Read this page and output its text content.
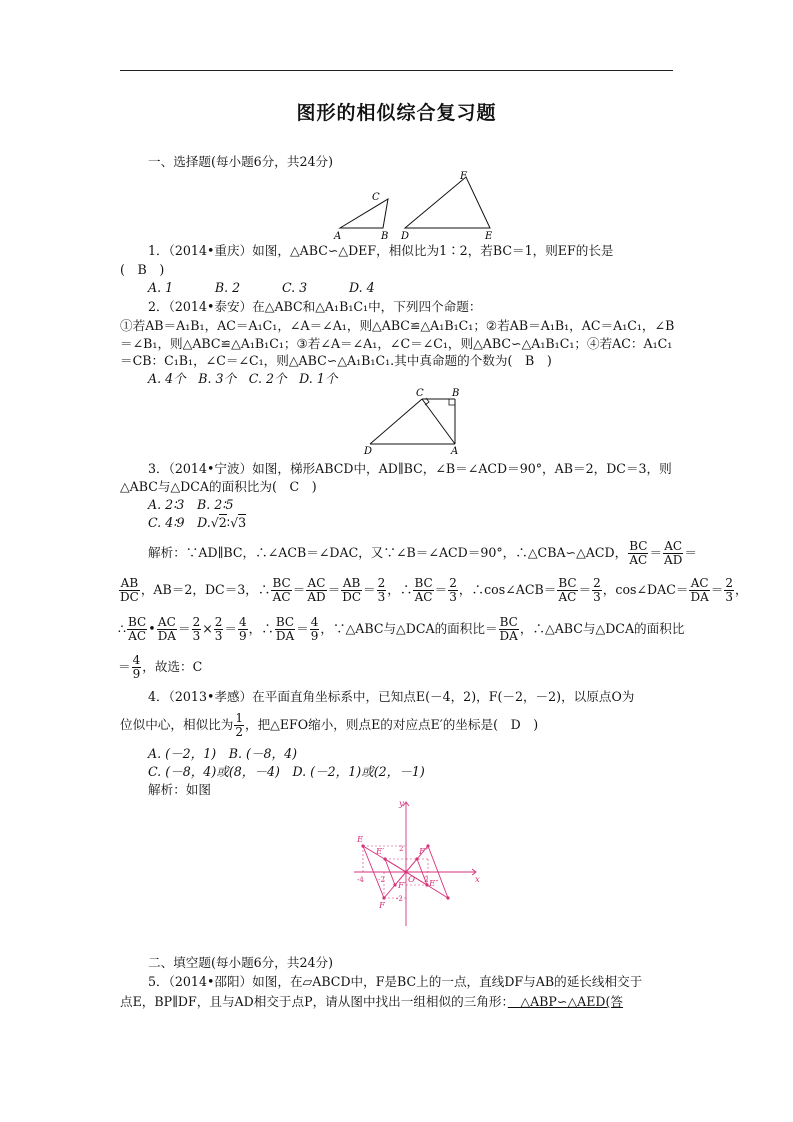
图形的相似综合复习题
一、选择题(每小题6分，共24分)
A	B
C
D	E
F
1．（2014•重庆）如图，△ABC∽△DEF，相似比为1∶2，若BC＝1，则EF的长是
(　B　)
A. 1　　　 B. 2　　　 C. 3　　　 D. 4
2．（2014•泰安）在△ABC和△A₁B₁C₁中，下列四个命题：
①若AB＝A₁B₁，AC＝A₁C₁，∠A＝∠A₁，则△ABC≌△A₁B₁C₁；②若AB＝A₁B₁，AC＝A₁C₁，∠B
＝∠B₁，则△ABC≌△A₁B₁C₁；③若∠A＝∠A₁，∠C＝∠C₁，则△ABC∽△A₁B₁C₁；④若AC：A₁C₁
＝CB：C₁B₁，∠C＝∠C₁，则△ABC∽△A₁B₁C₁.其中真命题的个数为(　B　)
A. 4个　B. 3个　C. 2个　D. 1个
D	A
C	B
3．（2014•宁波）如图，梯形ABCD中，AD∥BC，∠B＝∠ACD＝90°，AB＝2，DC＝3，则
△ABC与△DCA的面积比为(　C　)
A. 2∶3　B. 2∶5
C. 4∶9　D.√2∶√3
解析：∵AD∥BC，∴∠ACB＝∠DAC，又∵∠B＝∠ACD＝90°，∴△CBA∽△ACD， $\frac{BC}{AC} = \frac{AC}{AD}$ ＝
$\frac{AB}{DC}$ ，AB＝2，DC＝3，∴ $\frac{BC}{AC} = \frac{AC}{AD} = \frac{AB}{DC} = \frac{2}{3}$ ，∴ $\frac{BC}{AC} = \frac{2}{3}$ ，∴cos∠ACB＝ $\frac{BC}{AC} = \frac{2}{3}$ ，cos∠DAC＝ $\frac{AC}{DA} = \frac{2}{3}$ ，
∴ $\frac{BC}{AC}$ • $\frac{AC}{DA} = \frac{2}{3} \times \frac{2}{3} = \frac{4}{9}$ ，∴ $\frac{BC}{DA} = \frac{4}{9}$ ，∵△ABC与△DCA的面积比＝ $\frac{BC}{DA}$ ，∴△ABC与△DCA的面积比
＝ $\frac{4}{9}$ ，故选：C
4．（2013•孝感）在平面直角坐标系中，已知点E(－4，2)，F(－2，－2)，以原点O为
位似中心，相似比为 $\frac{1}{2}$ ，把△EFO缩小，则点E的对应点E′的坐标是(　D　)
A. (－2，1)　B. (－8，4)
C. (－8，4)或(8，－4)　D. (－2，1)或(2，－1)
解析：如图
E
E′
E″
F
F′
F″
O	x
y
2
-2
-4 -2	2
二、填空题(每小题6分，共24分)
5．（2014•邵阳）如图，在▱ABCD中，F是BC上的一点，直线DF与AB的延长线相交于
点E，BP∥DF，且与AD相交于点P，请从图中找出一组相似的三角形：　△ABP∽△AED(答
